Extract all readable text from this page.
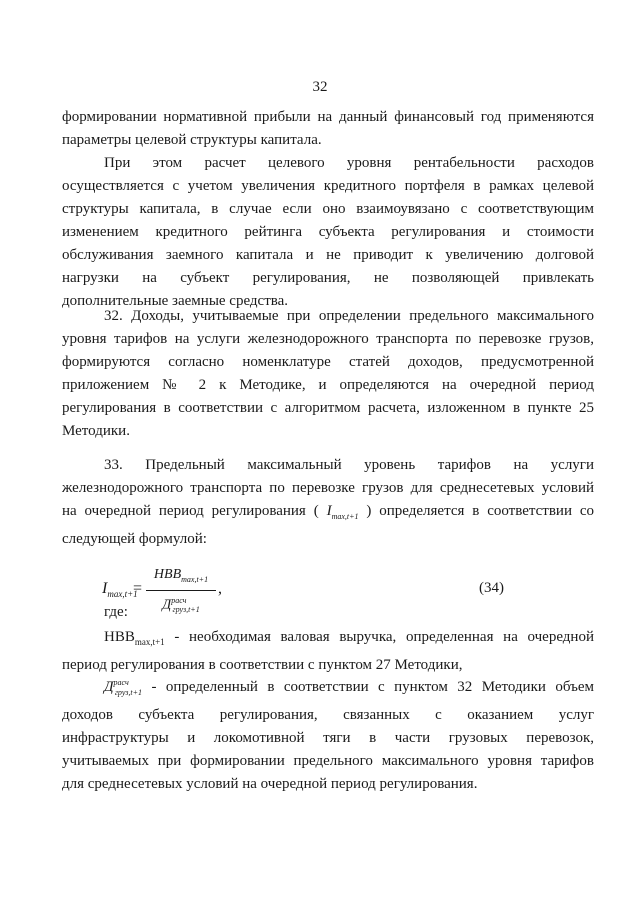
32
формировании нормативной прибыли на данный финансовый год применяются
параметры целевой структуры капитала.
При этом расчет целевого уровня рентабельности расходов
осуществляется с учетом увеличения кредитного портфеля в рамках целевой
структуры капитала, в случае если оно взаимоувязано с соответствующим
изменением кредитного рейтинга субъекта регулирования и стоимости
обслуживания заемного капитала и не приводит к увеличению долговой
нагрузки на субъект регулирования, не позволяющей привлекать
дополнительные заемные средства.
32. Доходы, учитываемые при определении предельного максимального
уровня тарифов на услуги железнодорожного транспорта по перевозке грузов,
формируются согласно номенклатуре статей доходов, предусмотренной
приложением № 2 к Методике, и определяются на очередной период
регулирования в соответствии с алгоритмом расчета, изложенном в пункте 25
Методики.
33. Предельный максимальный уровень тарифов на услуги
железнодорожного транспорта по перевозке грузов для среднесетевых условий
на очередной период регулирования ( $I_{max,t+1}$ ) определяется в соответствии со
следующей формулой:
$I_{max,t+1}$
=
$НВВ_{max,t+1}$
$Д^{расч}_{груз,t+1}$
,	(34)
где:
$НВВ_{max,t+1}$ - необходимая валовая выручка, определенная на очередной
период регулирования в соответствии с пунктом 27 Методики,
$Д^{расч}_{груз,t+1}$ - определенный в соответствии с пунктом 32 Методики объем
доходов субъекта регулирования, связанных с оказанием услуг
инфраструктуры и локомотивной тяги в части грузовых перевозок,
учитываемых при формировании предельного максимального уровня тарифов
для среднесетевых условий на очередной период регулирования.
